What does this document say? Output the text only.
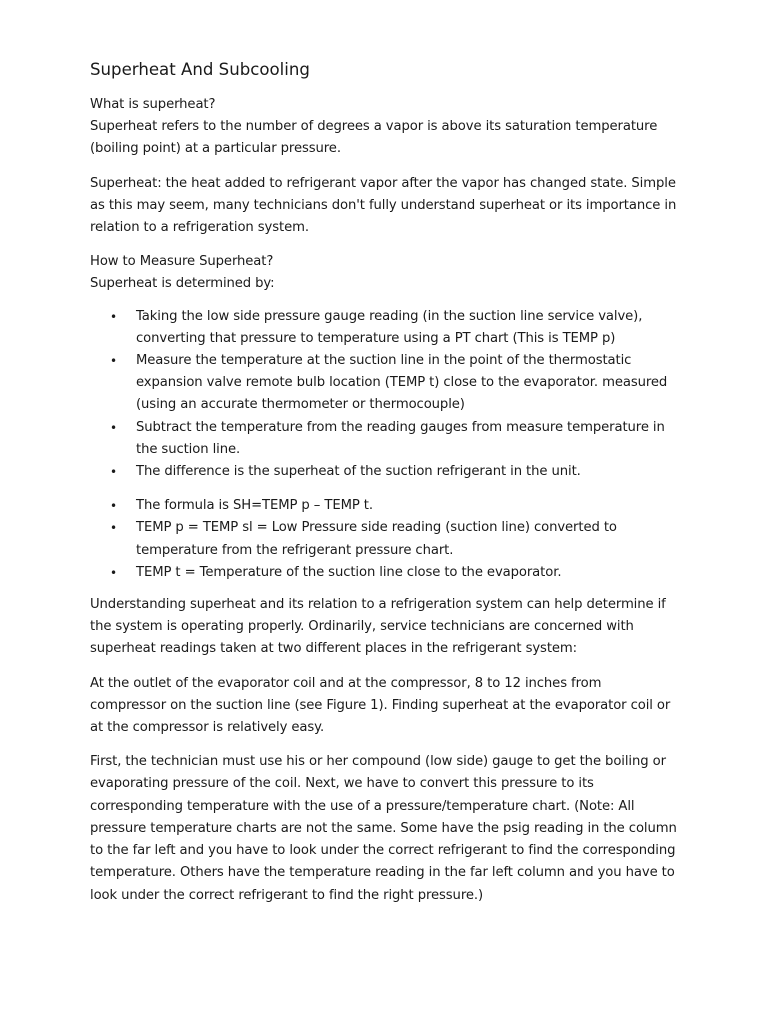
Superheat And Subcooling

What is superheat?

Superheat refers to the number of degrees a vapor is above its saturation temperature (boiling point) at a particular pressure.

Superheat: the heat added to refrigerant vapor after the vapor has changed state. Simple as this may seem, many technicians don't fully understand superheat or its importance in relation to a refrigeration system.

How to Measure Superheat?

Superheat is determined by:

• Taking the low side pressure gauge reading (in the suction line service valve), converting that pressure to temperature using a PT chart (This is TEMP p)
• Measure the temperature at the suction line in the point of the thermostatic expansion valve remote bulb location (TEMP t) close to the evaporator. measured (using an accurate thermometer or thermocouple)
• Subtract the temperature from the reading gauges from measure temperature in the suction line.
• The difference is the superheat of the suction refrigerant in the unit.
• The formula is SH=TEMP p – TEMP t.
• TEMP p = TEMP sl = Low Pressure side reading (suction line) converted to temperature from the refrigerant pressure chart.
• TEMP t = Temperature of the suction line close to the evaporator.

Understanding superheat and its relation to a refrigeration system can help determine if the system is operating properly. Ordinarily, service technicians are concerned with superheat readings taken at two different places in the refrigerant system:

At the outlet of the evaporator coil and at the compressor, 8 to 12 inches from compressor on the suction line (see Figure 1). Finding superheat at the evaporator coil or at the compressor is relatively easy.

First, the technician must use his or her compound (low side) gauge to get the boiling or evaporating pressure of the coil. Next, we have to convert this pressure to its corresponding temperature with the use of a pressure/temperature chart. (Note: All pressure temperature charts are not the same. Some have the psig reading in the column to the far left and you have to look under the correct refrigerant to find the corresponding temperature. Others have the temperature reading in the far left column and you have to look under the correct refrigerant to find the right pressure.)
